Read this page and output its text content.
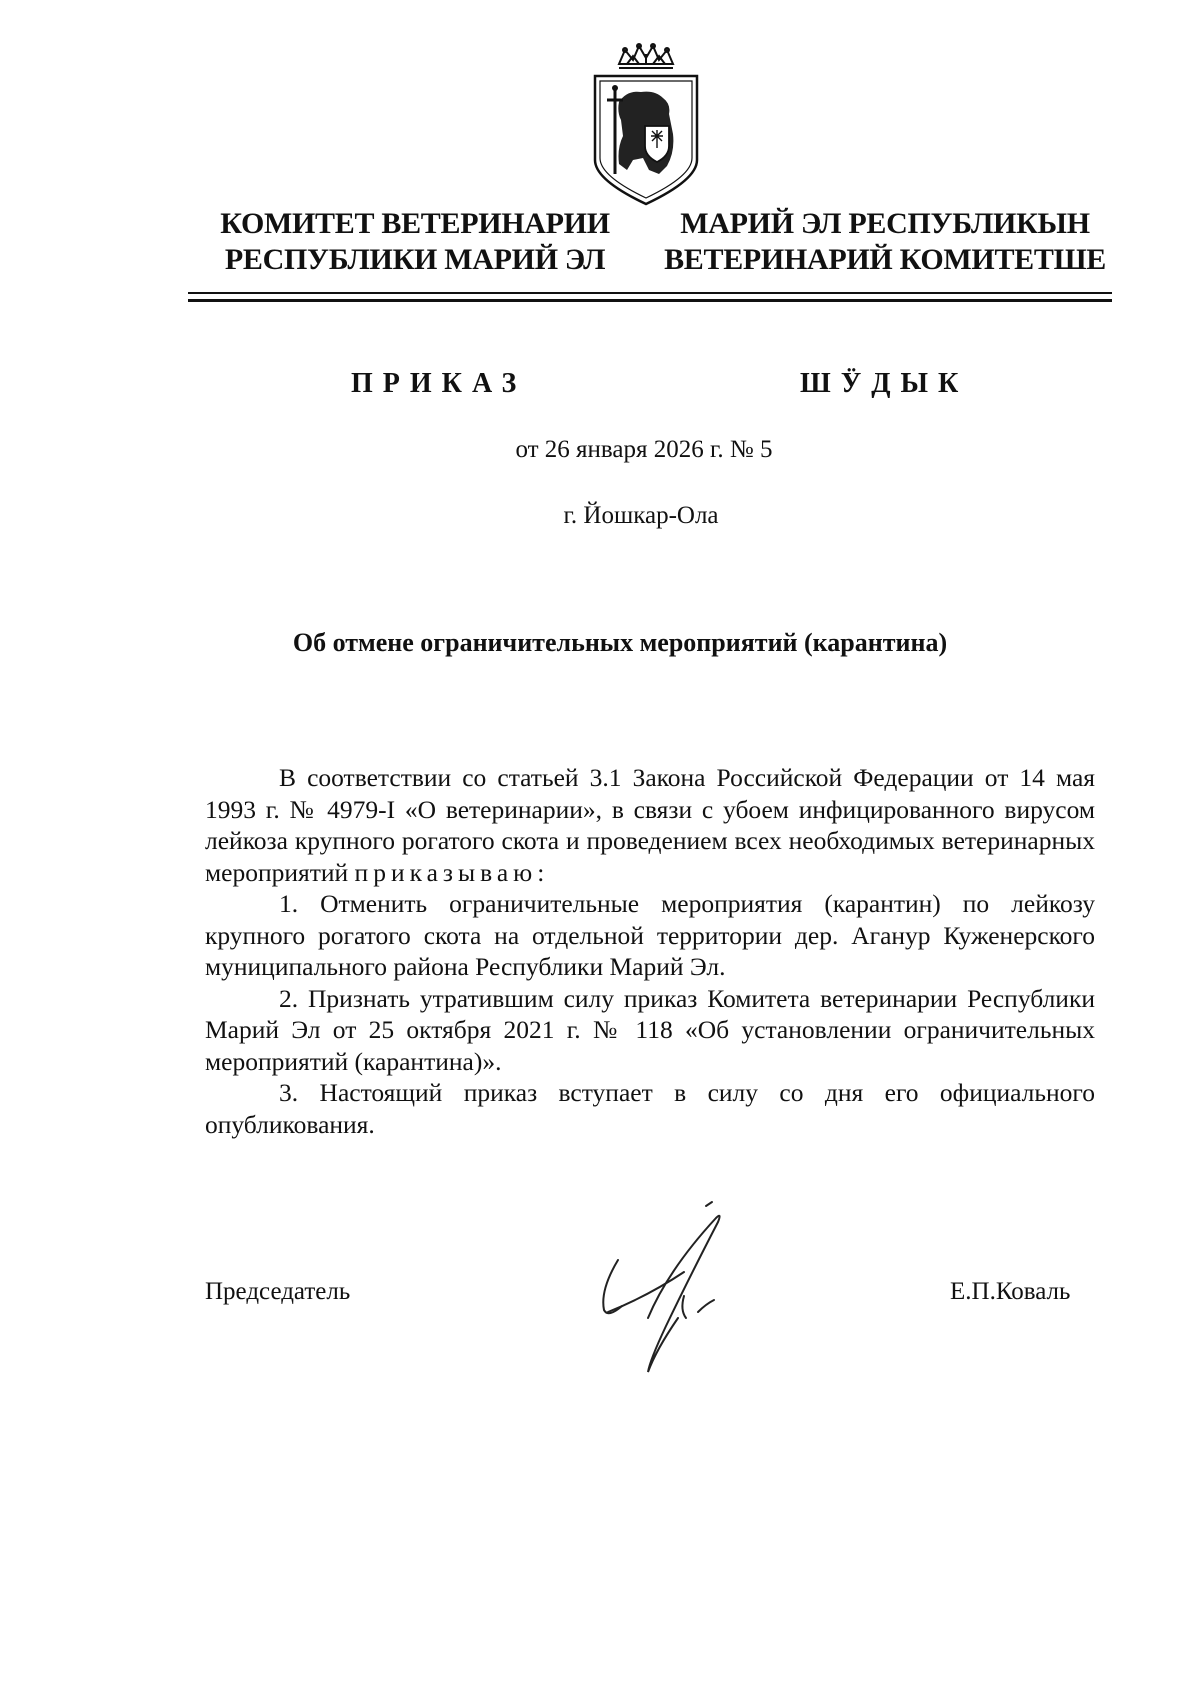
КОМИТЕТ ВЕТЕРИНАРИИ
РЕСПУБЛИКИ МАРИЙ ЭЛ
МАРИЙ ЭЛ РЕСПУБЛИКЫН
ВЕТЕРИНАРИЙ КОМИТЕТШЕ
ПРИКАЗ	ШӰДЫК
от 26 января 2026 г. № 5
г. Йошкар-Ола
Об отмене ограничительных мероприятий (карантина)

В соответствии со статьей 3.1 Закона Российской Федерации от 14 мая 1993 г. № 4979-I «О ветеринарии», в связи с убоем инфицированного вирусом лейкоза крупного рогатого скота и проведением всех необходимых ветеринарных мероприятий приказываю:

1. Отменить ограничительные мероприятия (карантин) по лейкозу крупного рогатого скота на отдельной территории дер. Аганур Куженерского муниципального района Республики Марий Эл.

2. Признать утратившим силу приказ Комитета ветеринарии Республики Марий Эл от 25 октября 2021 г. № 118 «Об установлении ограничительных мероприятий (карантина)».

3. Настоящий приказ вступает в силу со дня его официального опубликования.

Председатель	Е.П.Коваль
